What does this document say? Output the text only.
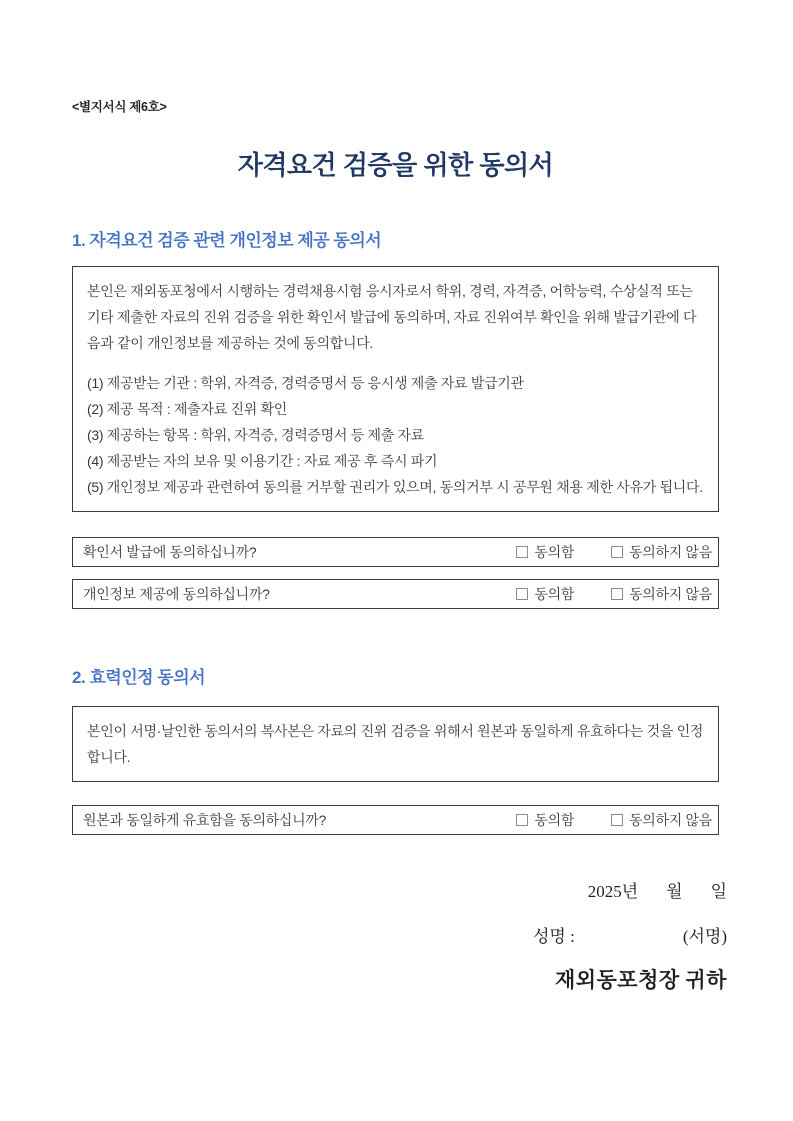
<별지서식 제6호>
자격요건 검증을 위한 동의서
1. 자격요건 검증 관련 개인정보 제공 동의서
본인은 재외동포청에서 시행하는 경력채용시험 응시자로서 학위, 경력, 자격증, 어학능력, 수상실적 또는 기타 제출한 자료의 진위 검증을 위한 확인서 발급에 동의하며, 자료 진위여부 확인을 위해 발급기관에 다음과 같이 개인정보를 제공하는 것에 동의합니다.
(1) 제공받는 기관 : 학위, 자격증, 경력증명서 등 응시생 제출 자료 발급기관
(2) 제공 목적 : 제출자료 진위 확인
(3) 제공하는 항목 : 학위, 자격증, 경력증명서 등 제출 자료
(4) 제공받는 자의 보유 및 이용기간 : 자료 제공 후 즉시 파기
(5) 개인정보 제공과 관련하여 동의를 거부할 권리가 있으며, 동의거부 시 공무원 채용 제한 사유가 됩니다.
확인서 발급에 동의하십니까?	동의함	동의하지 않음
개인정보 제공에 동의하십니까?	동의함	동의하지 않음
2. 효력인정 동의서
본인이 서명·날인한 동의서의 복사본은 자료의 진위 검증을 위해서 원본과 동일하게 유효하다는 것을 인정합니다.
원본과 동일하게 유효함을 동의하십니까?	동의함	동의하지 않음
2025년 월 일
성명 :	(서명)
재외동포청장 귀하
